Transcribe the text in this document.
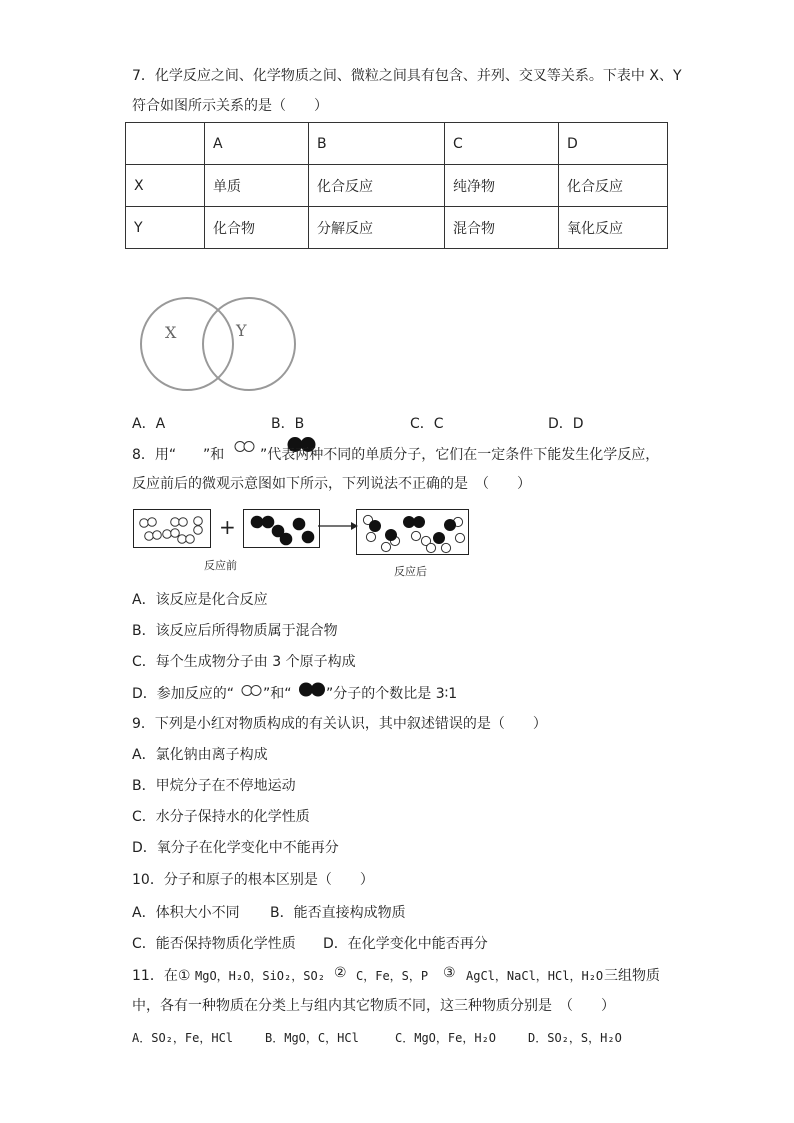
7．化学反应之间、化学物质之间、微粒之间具有包含、并列、交叉等关系。下表中 X、Y
符合如图所示关系的是（　　）
	A	B	C	D
X	单质	化合反应	纯净物	化合反应
Y	化合物	分解反应	混合物	氧化反应
X	Y
A．A	B．B	C．C	D．D
8．用“ ”和	”代表两种不同的单质分子，它们在一定条件下能发生化学反应，
反应前后的微观示意图如下所示，下列说法不正确的是　（　　）
+
反应前	反应后
A．该反应是化合反应
B．该反应后所得物质属于混合物
C．每个生成物分子由 3 个原子构成
D．参加反应的“ ”和“ ”分子的个数比是 3∶1
9．下列是小红对物质构成的有关认识，其中叙述错误的是（　　）
A．氯化钠由离子构成
B．甲烷分子在不停地运动
C．水分子保持水的化学性质
D．氧分子在化学变化中不能再分
10．分子和原子的根本区别是（　　）
A．体积大小不同 B．能否直接构成物质
C．能否保持物质化学性质 D．在化学变化中能否再分
11．在① MgO，H₂O，SiO₂，SO₂ ② C，Fe，S，P ③ AgCl，NaCl，HCl，H₂O 三组物质
中，各有一种物质在分类上与组内其它物质不同，这三种物质分别是　（　　）
A．SO₂，Fe，HCl	B．MgO，C，HCl	C．MgO，Fe，H₂O	D．SO₂，S，H₂O
